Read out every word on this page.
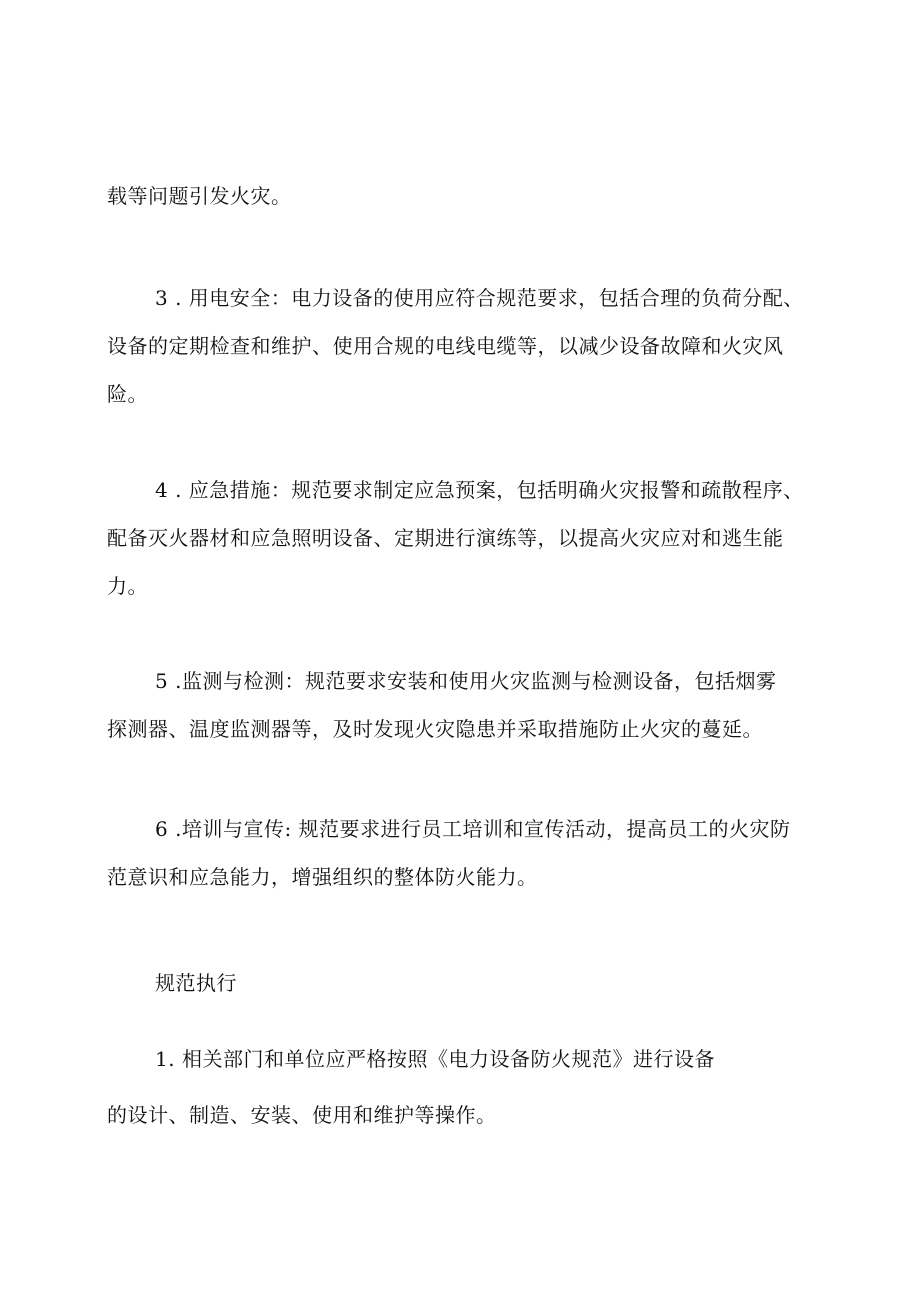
载等问题引发火灾。
3 . 用电安全：电力设备的使用应符合规范要求，包括合理的负荷分配、
设备的定期检查和维护、使用合规的电线电缆等，以减少设备故障和火灾风
险。
4 . 应急措施：规范要求制定应急预案，包括明确火灾报警和疏散程序、
配备灭火器材和应急照明设备、定期进行演练等，以提高火灾应对和逃生能
力。
5 .监测与检测：规范要求安装和使用火灾监测与检测设备，包括烟雾
探测器、温度监测器等，及时发现火灾隐患并采取措施防止火灾的蔓延。
6 .培训与宣传: 规范要求进行员工培训和宣传活动，提高员工的火灾防
范意识和应急能力，增强组织的整体防火能力。
规范执行
1. 相关部门和单位应严格按照《电力设备防火规范》进行设备
的设计、制造、安装、使用和维护等操作。
